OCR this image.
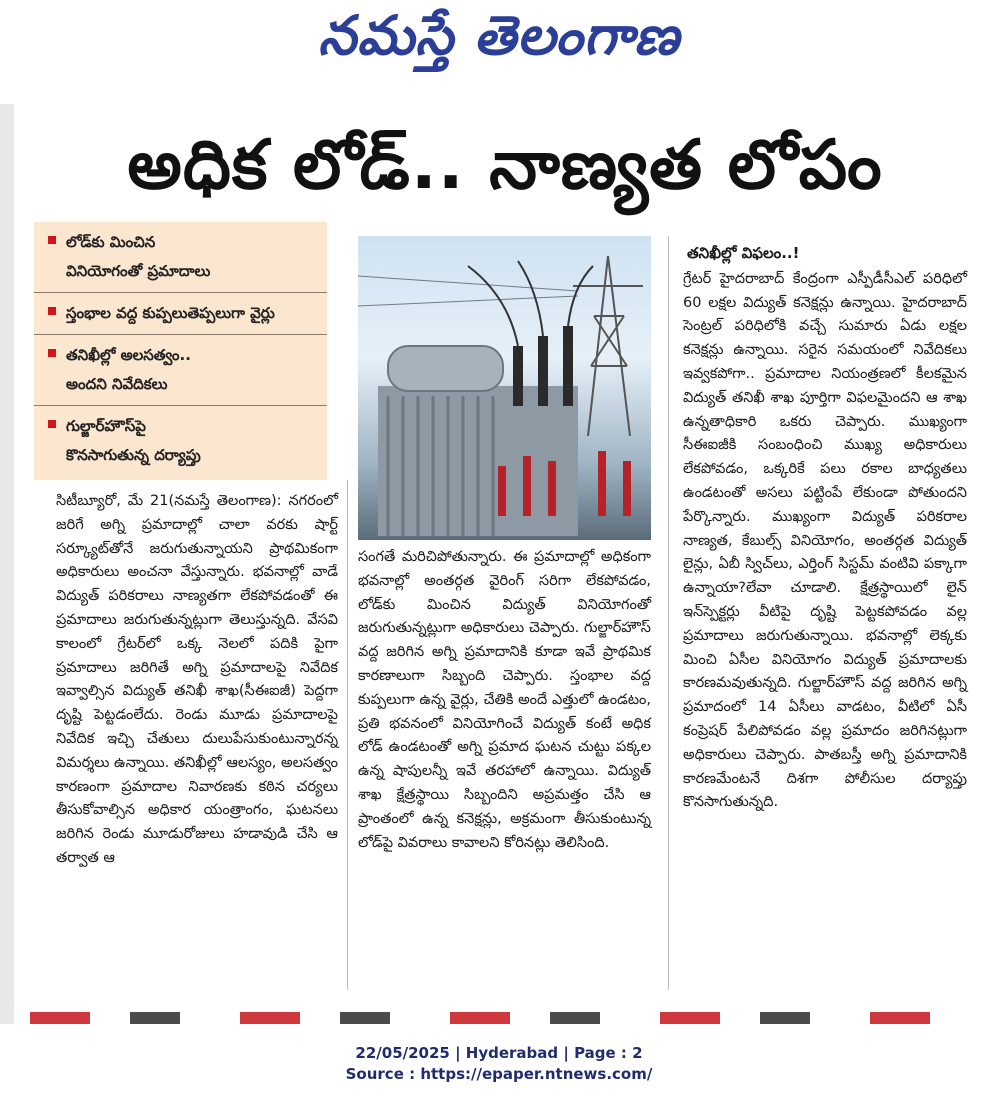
నమస్తే తెలంగాణ
అధిక లోడ్.. నాణ్యత లోపం
లోడ్‌కు మించిన
వినియోగంతో ప్రమాదాలు
స్తంభాల వద్ద కుప్పలుతెప్పలుగా వైర్లు
తనిఖీల్లో అలసత్వం..
అందని నివేదికలు
గుల్జార్‌హౌస్‌పై
కొనసాగుతున్న దర్యాప్తు

సిటీబ్యూరో, మే 21(నమస్తే తెలంగాణ): నగరంలో జరిగే అగ్ని ప్రమాదాల్లో చాలా వరకు షార్ట్ సర్క్యూట్‌తోనే జరుగుతున్నాయని ప్రాథమికంగా అధికారులు అంచనా వేస్తున్నారు. భవనాల్లో వాడే విద్యుత్ పరికరాలు నాణ్యతగా లేకపోవడంతో ఈ ప్రమాదాలు జరుగుతున్నట్లుగా తెలుస్తున్నది. వేసవి కాలంలో గ్రేటర్‌లో ఒక్క నెలలో పదికి పైగా ప్రమాదాలు జరిగితే అగ్ని ప్రమాదాలపై నివేదిక ఇవ్వాల్సిన విద్యుత్ తనిఖీ శాఖ(సీఈఐజీ) పెద్దగా దృష్టి పెట్టడంలేదు. రెండు మూడు ప్రమాదాలపై నివేదిక ఇచ్చి చేతులు దులుపేసుకుంటున్నారన్న విమర్శలు ఉన్నాయి. తనిఖీల్లో ఆలస్యం, అలసత్వం కారణంగా ప్రమాదాల నివారణకు కఠిన చర్యలు తీసుకోవాల్సిన అధికార యంత్రాంగం, ఘటనలు జరిగిన రెండు మూడురోజులు హడావుడి చేసి ఆ తర్వాత ఆ

సంగతే మరిచిపోతున్నారు. ఈ ప్రమాదాల్లో అధికంగా భవనాల్లో అంతర్గత వైరింగ్ సరిగా లేకపోవడం, లోడ్‌కు మించిన విద్యుత్ వినియోగంతో జరుగుతున్నట్లుగా అధికారులు చెప్పారు. గుల్జార్‌హౌస్ వద్ద జరిగిన అగ్ని ప్రమాదానికి కూడా ఇవే ప్రాథమిక కారణాలుగా సిబ్బంది చెప్పారు. స్తంభాల వద్ద కుప్పలుగా ఉన్న వైర్లు, చేతికి అందే ఎత్తులో ఉండటం, ప్రతి భవనంలో వినియోగించే విద్యుత్ కంటే అధిక లోడ్ ఉండటంతో అగ్ని ప్రమాద ఘటన చుట్టు పక్కల ఉన్న షాపులన్నీ ఇవే తరహాలో ఉన్నాయి. విద్యుత్ శాఖ క్షేత్రస్థాయి సిబ్బందిని అప్రమత్తం చేసి ఆ ప్రాంతంలో ఉన్న కనెక్షన్లు, అక్రమంగా తీసుకుంటున్న లోడ్‌పై వివరాలు కావాలని కోరినట్లు తెలిసింది.

తనిఖీల్లో విఫలం..!

గ్రేటర్ హైదరాబాద్ కేంద్రంగా ఎస్పీడీసీఎల్ పరిధిలో 60 లక్షల విద్యుత్ కనెక్షన్లు ఉన్నాయి. హైదరాబాద్ సెంట్రల్ పరిధిలోకి వచ్చే సుమారు ఏడు లక్షల కనెక్షన్లు ఉన్నాయి. సరైన సమయంలో నివేదికలు ఇవ్వకపోగా.. ప్రమాదాల నియంత్రణలో కీలకమైన విద్యుత్ తనిఖీ శాఖ పూర్తిగా విఫలమైందని ఆ శాఖ ఉన్నతాధికారి ఒకరు చెప్పారు. ముఖ్యంగా సీఈఐజీకి సంబంధించి ముఖ్య అధికారులు లేకపోవడం, ఒక్కరికే పలు రకాల బాధ్యతలు ఉండటంతో అసలు పట్టింపే లేకుండా పోతుందని పేర్కొన్నారు. ముఖ్యంగా విద్యుత్ పరికరాల నాణ్యత, కేబుల్స్ వినియోగం, అంతర్గత విద్యుత్ లైన్లు, ఏబీ స్విచ్‌లు, ఎర్తింగ్ సిస్టమ్ వంటివి పక్కాగా ఉన్నాయా?లేవా చూడాలి. క్షేత్రస్థాయిలో లైన్ ఇన్‌స్పెక్టర్లు వీటిపై దృష్టి పెట్టకపోవడం వల్ల ప్రమాదాలు జరుగుతున్నాయి. భవనాల్లో లెక్కకు మించి ఏసీల వినియోగం విద్యుత్ ప్రమాదాలకు కారణమవుతున్నది. గుల్జార్‌హౌస్ వద్ద జరిగిన అగ్ని ప్రమాదంలో 14 ఏసీలు వాడటం, వీటిలో ఏసీ కంప్రెషర్ పేలిపోవడం వల్ల ప్రమాదం జరిగినట్లుగా అధికారులు చెప్పారు. పాతబస్తీ అగ్ని ప్రమాదానికి కారణమేంటనే దిశగా పోలీసుల దర్యాప్తు కొనసాగుతున్నది.

22/05/2025 | Hyderabad | Page : 2
Source : https://epaper.ntnews.com/
